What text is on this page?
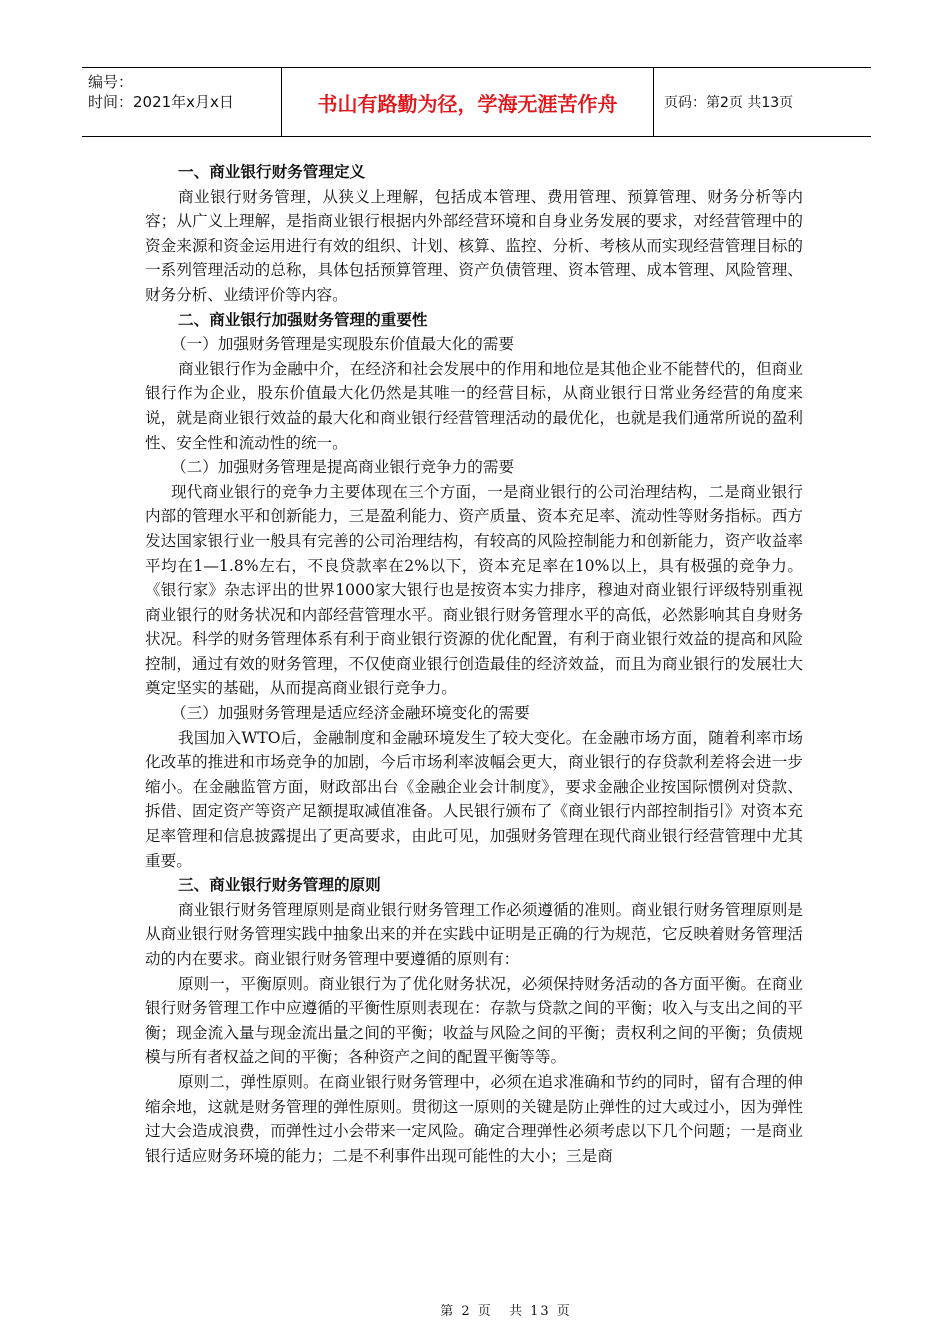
编号：
时间：2021年x月x日	书山有路勤为径，学海无涯苦作舟	页码：第2页 共13页

一、商业银行财务管理定义

商业银行财务管理，从狭义上理解，包括成本管理、费用管理、预算管理、财务分析等内容；从广义上理解，是指商业银行根据内外部经营环境和自身业务发展的要求，对经营管理中的资金来源和资金运用进行有效的组织、计划、核算、监控、分析、考核从而实现经营管理目标的一系列管理活动的总称，具体包括预算管理、资产负债管理、资本管理、成本管理、风险管理、财务分析、业绩评价等内容。

二、商业银行加强财务管理的重要性

（一）加强财务管理是实现股东价值最大化的需要

商业银行作为金融中介，在经济和社会发展中的作用和地位是其他企业不能替代的，但商业银行作为企业，股东价值最大化仍然是其唯一的经营目标，从商业银行日常业务经营的角度来说，就是商业银行效益的最大化和商业银行经营管理活动的最优化，也就是我们通常所说的盈利性、安全性和流动性的统一。

（二）加强财务管理是提高商业银行竞争力的需要

现代商业银行的竞争力主要体现在三个方面，一是商业银行的公司治理结构，二是商业银行内部的管理水平和创新能力，三是盈利能力、资产质量、资本充足率、流动性等财务指标。西方发达国家银行业一般具有完善的公司治理结构，有较高的风险控制能力和创新能力，资产收益率平均在1—1.8%左右，不良贷款率在2%以下，资本充足率在10%以上，具有极强的竞争力。《银行家》杂志评出的世界1000家大银行也是按资本实力排序，穆迪对商业银行评级特别重视商业银行的财务状况和内部经营管理水平。商业银行财务管理水平的高低，必然影响其自身财务状况。科学的财务管理体系有利于商业银行资源的优化配置，有利于商业银行效益的提高和风险控制，通过有效的财务管理，不仅使商业银行创造最佳的经济效益，而且为商业银行的发展壮大奠定坚实的基础，从而提高商业银行竞争力。

（三）加强财务管理是适应经济金融环境变化的需要

我国加入WTO后，金融制度和金融环境发生了较大变化。在金融市场方面，随着利率市场化改革的推进和市场竞争的加剧，今后市场利率波幅会更大，商业银行的存贷款利差将会进一步缩小。在金融监管方面，财政部出台《金融企业会计制度》，要求金融企业按国际惯例对贷款、拆借、固定资产等资产足额提取减值准备。人民银行颁布了《商业银行内部控制指引》对资本充足率管理和信息披露提出了更高要求，由此可见，加强财务管理在现代商业银行经营管理中尤其重要。

三、商业银行财务管理的原则

商业银行财务管理原则是商业银行财务管理工作必须遵循的准则。商业银行财务管理原则是从商业银行财务管理实践中抽象出来的并在实践中证明是正确的行为规范，它反映着财务管理活动的内在要求。商业银行财务管理中要遵循的原则有：

原则一，平衡原则。商业银行为了优化财务状况，必须保持财务活动的各方面平衡。在商业银行财务管理工作中应遵循的平衡性原则表现在：存款与贷款之间的平衡；收入与支出之间的平衡；现金流入量与现金流出量之间的平衡；收益与风险之间的平衡；责权利之间的平衡；负债规模与所有者权益之间的平衡；各种资产之间的配置平衡等等。

原则二，弹性原则。在商业银行财务管理中，必须在追求准确和节约的同时，留有合理的伸缩余地，这就是财务管理的弹性原则。贯彻这一原则的关键是防止弹性的过大或过小，因为弹性过大会造成浪费，而弹性过小会带来一定风险。确定合理弹性必须考虑以下几个问题；一是商业银行适应财务环境的能力；二是不利事件出现可能性的大小；三是商

第 2 页 共 13 页
